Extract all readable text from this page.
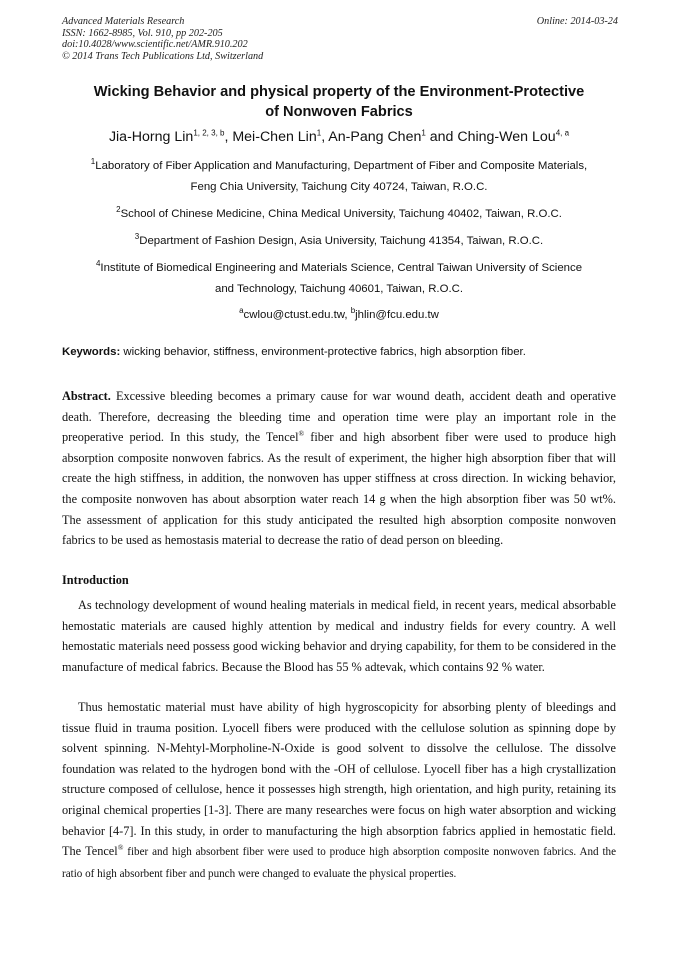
Advanced Materials Research
ISSN: 1662-8985, Vol. 910, pp 202-205
doi:10.4028/www.scientific.net/AMR.910.202
© 2014 Trans Tech Publications Ltd, Switzerland
Online: 2014-03-24
Wicking Behavior and physical property of the Environment-Protective
of Nonwoven Fabrics
Jia-Horng Lin$^{1, 2, 3, b}$, Mei-Chen Lin$^1$, An-Pang Chen$^1$ and Ching-Wen Lou$^{4, a}$
$^1$Laboratory of Fiber Application and Manufacturing, Department of Fiber and Composite Materials,
Feng Chia University, Taichung City 40724, Taiwan, R.O.C.
$^2$School of Chinese Medicine, China Medical University, Taichung 40402, Taiwan, R.O.C.
$^3$Department of Fashion Design, Asia University, Taichung 41354, Taiwan, R.O.C.
$^4$Institute of Biomedical Engineering and Materials Science, Central Taiwan University of Science
and Technology, Taichung 40601, Taiwan, R.O.C.
$^a$cwlou@ctust.edu.tw, $^b$jhlin@fcu.edu.tw
Keywords: wicking behavior, stiffness, environment-protective fabrics, high absorption fiber.

Abstract. Excessive bleeding becomes a primary cause for war wound death, accident death and operative death. Therefore, decreasing the bleeding time and operation time were play an important role in the preoperative period. In this study, the Tencel® fiber and high absorbent fiber were used to produce high absorption composite nonwoven fabrics. As the result of experiment, the higher high absorption fiber that will create the high stiffness, in addition, the nonwoven has upper stiffness at cross direction. In wicking behavior, the composite nonwoven has about absorption water reach 14 g when the high absorption fiber was 50 wt%. The assessment of application for this study anticipated the resulted high absorption composite nonwoven fabrics to be used as hemostasis material to decrease the ratio of dead person on bleeding.

Introduction

As technology development of wound healing materials in medical field, in recent years, medical absorbable hemostatic materials are caused highly attention by medical and industry fields for every country. A well hemostatic materials need possess good wicking behavior and drying capability, for them to be considered in the manufacture of medical fabrics. Because the Blood has 55 % adtevak, which contains 92 % water.

Thus hemostatic material must have ability of high hygroscopicity for absorbing plenty of bleedings and tissue fluid in trauma position. Lyocell fibers were produced with the cellulose solution as spinning dope by solvent spinning. N-Mehtyl-Morpholine-N-Oxide is good solvent to dissolve the cellulose. The dissolve foundation was related to the hydrogen bond with the -OH of cellulose. Lyocell fiber has a high crystallization structure composed of cellulose, hence it possesses high strength, high orientation, and high purity, retaining its original chemical properties [1-3]. There are many researches were focus on high water absorption and wicking behavior [4-7]. In this study, in order to manufacturing the high absorption fabrics applied in hemostatic field. The Tencel® fiber and high absorbent fiber were used to produce high absorption composite nonwoven fabrics. And the ratio of high absorbent fiber and punch were changed to evaluate the physical properties.
